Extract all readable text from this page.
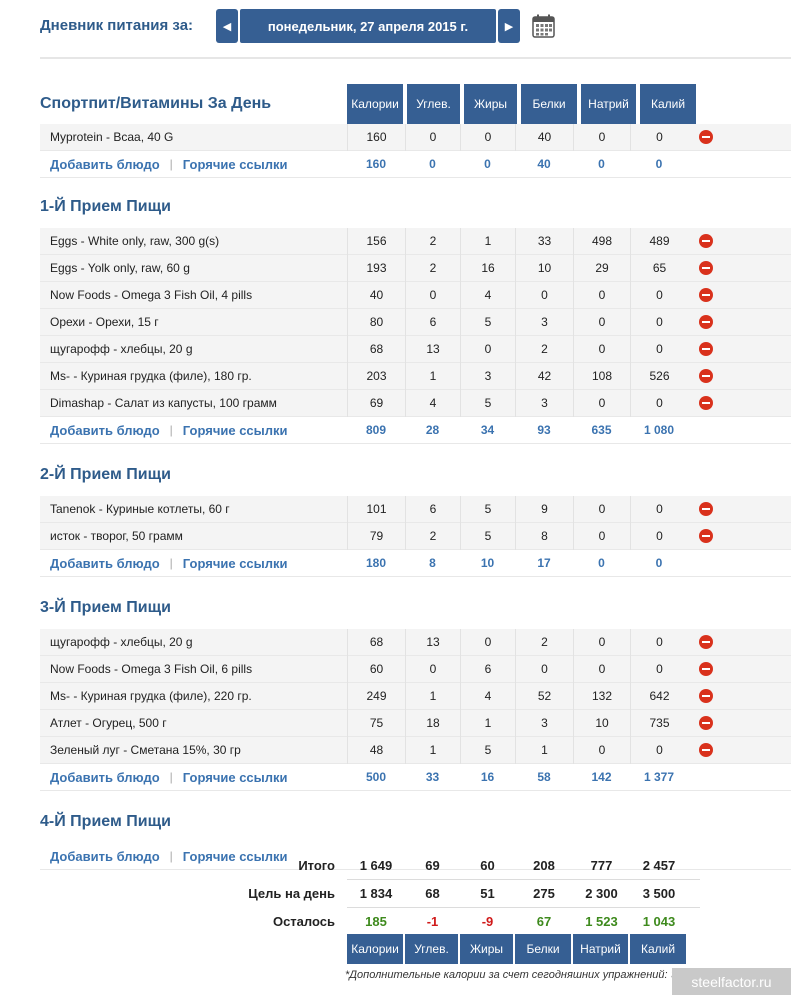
Дневник питания за:	◀	понедельник, 27 апреля 2015 г.	▶
Калории	Углев.	Жиры	Белки	Натрий	Калий
Спортпит/Витамины За День
Myprotein - Bcaa, 40 G	160	0	0	40	0	0
Добавить блюдо | Горячие ссылки	160	0	0	40	0	0
1-Й Прием Пищи
Eggs - White only, raw, 300 g(s)	156	2	1	33	498	489
Eggs - Yolk only, raw, 60 g	193	2	16	10	29	65
Now Foods - Omega 3 Fish Oil, 4 pills	40	0	4	0	0	0
Орехи - Орехи, 15 г	80	6	5	3	0	0
щугарофф - хлебцы, 20 g	68	13	0	2	0	0
Ms- - Куриная грудка (филе), 180 гр.	203	1	3	42	108	526
Dimashap - Салат из капусты, 100 грамм	69	4	5	3	0	0
Добавить блюдо | Горячие ссылки	809	28	34	93	635	1 080
2-Й Прием Пищи
Tanenok - Куриные котлеты, 60 г	101	6	5	9	0	0
исток - творог, 50 грамм	79	2	5	8	0	0
Добавить блюдо | Горячие ссылки	180	8	10	17	0	0
3-Й Прием Пищи
щугарофф - хлебцы, 20 g	68	13	0	2	0	0
Now Foods - Omega 3 Fish Oil, 6 pills	60	0	6	0	0	0
Ms- - Куриная грудка (филе), 220 гр.	249	1	4	52	132	642
Атлет - Огурец, 500 г	75	18	1	3	10	735
Зеленый луг - Сметана 15%, 30 гр	48	1	5	1	0	0
Добавить блюдо | Горячие ссылки	500	33	16	58	142	1 377
4-Й Прием Пищи
Добавить блюдо | Горячие ссылки
Итого	1 649	69	60	208	777	2 457
Цель на день	1 834	68	51	275	2 300	3 500
Осталось	185	-1	-9	67	1 523	1 043
Калории	Углев.	Жиры	Белки	Натрий	Калий
*Дополнительные калории за счет сегодняшних упражнений:	steelfactor.ru
